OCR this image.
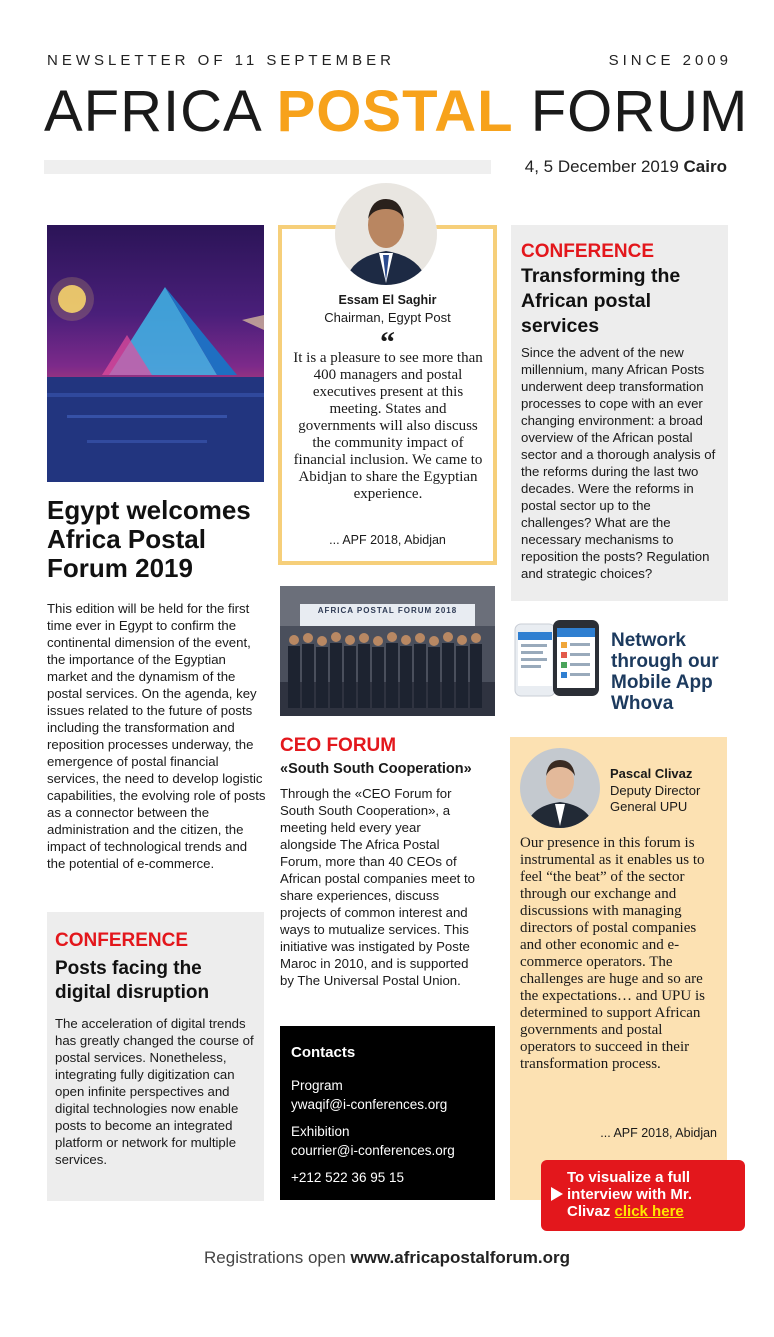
NEWSLETTER OF 11 SEPTEMBER	SINCE 2009
AFRICA POSTAL FORUM
4, 5 December 2019 Cairo
Egypt welcomes Africa Postal Forum 2019
This edition will be held for the first time ever in Egypt to confirm the continental dimension of the event, the importance of the Egyptian market and the dynamism of the postal services. On the agenda, key issues related to the future of posts including the transformation and reposition processes underway, the emergence of postal financial services, the need to develop logistic capabilities, the evolving role of posts as a connector between the administration and the citizen, the impact of technological trends and the potential of e-commerce.
CONFERENCE
Posts facing the digital disruption
The acceleration of digital trends has greatly changed the course of postal services. Nonetheless, integrating fully digitization can open infinite perspectives and digital technologies now enable posts to become an integrated platform or network for multiple services.
Essam El Saghir
Chairman, Egypt Post
“
It is a pleasure to see more than 400 managers and postal executives present at this meeting. States and governments will also discuss the community impact of financial inclusion. We came to Abidjan to share the Egyptian experience.
... APF 2018, Abidjan
AFRICA POSTAL FORUM 2018
CEO FORUM
«South South Cooperation»
Through the «CEO Forum for South South Cooperation», a meeting held every year alongside The Africa Postal Forum, more than 40 CEOs of African postal companies meet to share experiences, discuss projects of common interest and ways to mutualize services. This initiative was instigated by Poste Maroc in 2010, and is supported by The Universal Postal Union.
Contacts
Program
ywaqif@i-conferences.org
Exhibition
courrier@i-conferences.org
+212 522 36 95 15
CONFERENCE
Transforming the African postal services
Since the advent of the new millennium, many African Posts underwent deep transformation processes to cope with an ever changing environment: a broad overview of the African postal sector and a thorough analysis of the reforms during the last two decades. Were the reforms in postal sector up to the challenges? What are the necessary mechanisms to reposition the posts? Regulation and strategic choices?
Network through our Mobile App Whova
Pascal Clivaz
Deputy Director General UPU
Our presence in this forum is instrumental as it enables us to feel “the beat” of the sector through our exchange and discussions with managing directors of postal companies and other economic and e-commerce operators. The challenges are huge and so are the expectations… and UPU is determined to support African governments and postal operators to succeed in their transformation process.
... APF 2018, Abidjan
To visualize a full interview with Mr. Clivaz click here
Registrations open www.africapostalforum.org
